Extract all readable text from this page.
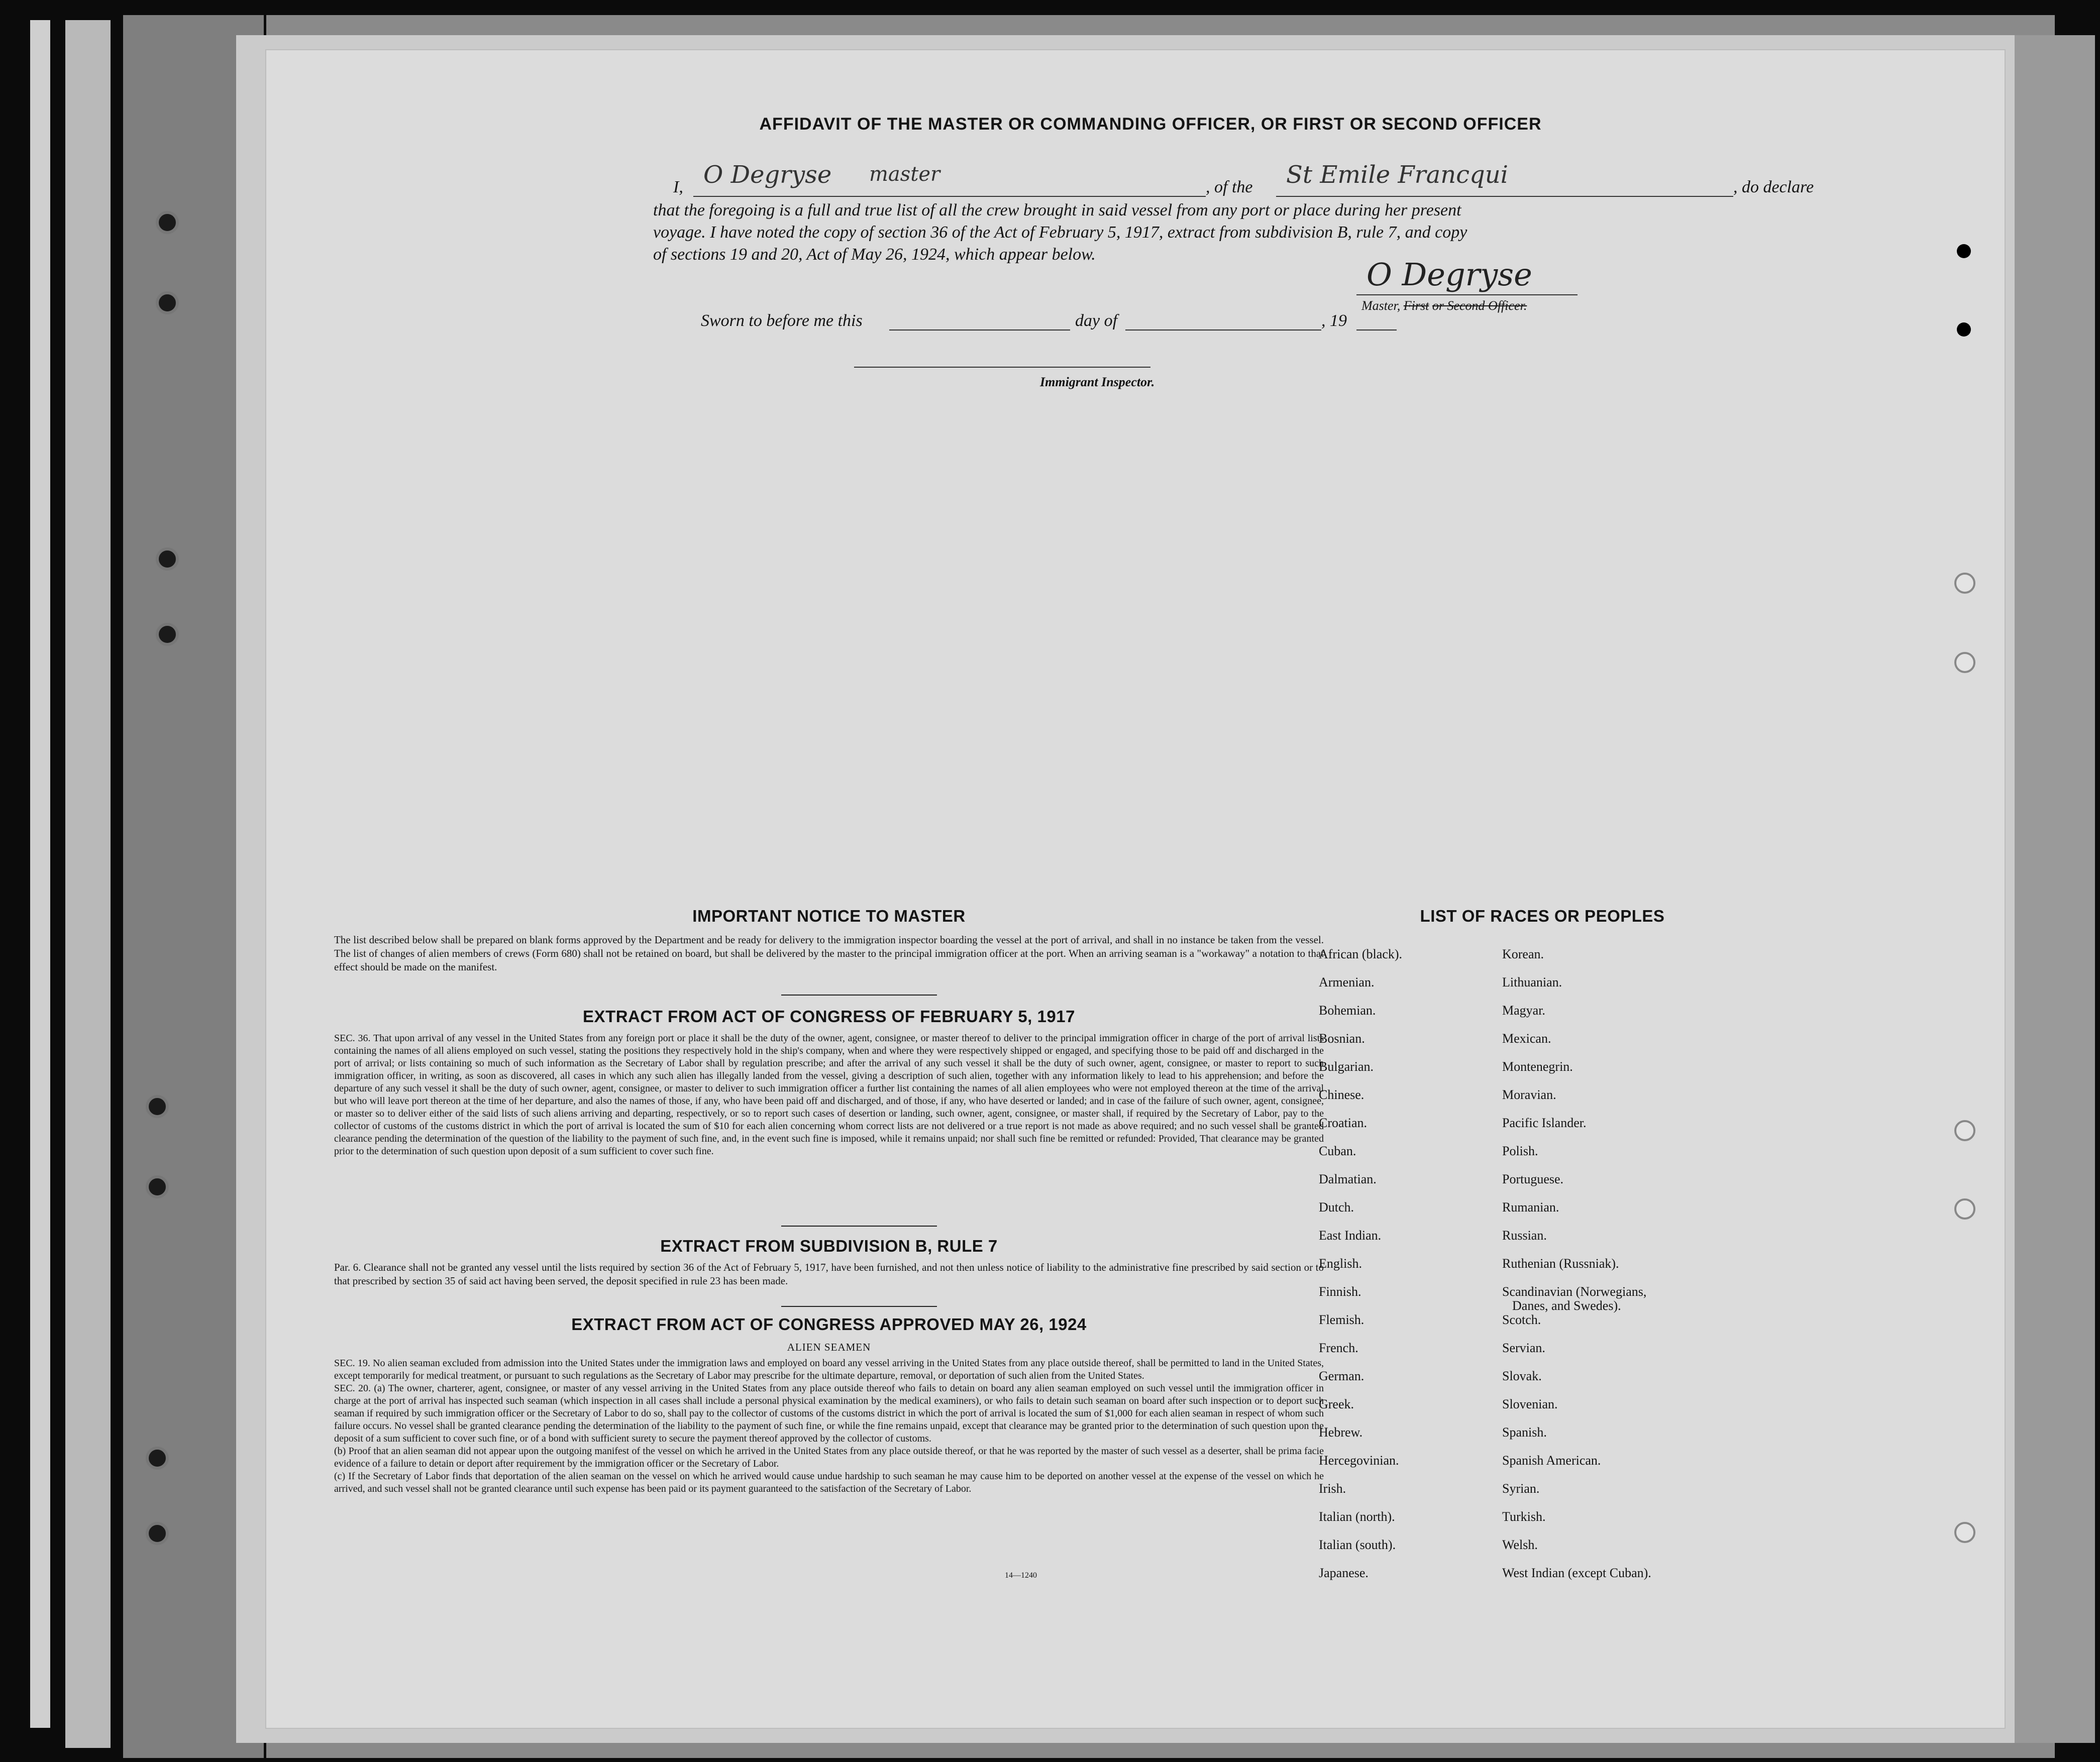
AFFIDAVIT OF THE MASTER OR COMMANDING OFFICER, OR FIRST OR SECOND OFFICER
I, O Degryse master
, of the St Emile Francqui	, do declare
that the foregoing is a full and true list of all the crew brought in said vessel from any port or place during her present
voyage. I have noted the copy of section 36 of the Act of February 5, 1917, extract from subdivision B, rule 7, and copy
of sections 19 and 20, Act of May 26, 1924, which appear below.
O Degryse
Master, First or Second Officer.
Sworn to before me this	day of	, 19
Immigrant Inspector.
IMPORTANT NOTICE TO MASTER
The list described below shall be prepared on blank forms approved by the Department and be ready for delivery to the immigration inspector boarding the vessel at the port of arrival, and shall in no instance be taken from the vessel. The list of changes of alien members of crews (Form 680) shall not be retained on board, but shall be delivered by the master to the principal immigration officer at the port. When an arriving seaman is a "workaway" a notation to that effect should be made on the manifest.
EXTRACT FROM ACT OF CONGRESS OF FEBRUARY 5, 1917
SEC. 36. That upon arrival of any vessel in the United States from any foreign port or place it shall be the duty of the owner, agent, consignee, or master thereof to deliver to the principal immigration officer in charge of the port of arrival lists containing the names of all aliens employed on such vessel, stating the positions they respectively hold in the ship's company, when and where they were respectively shipped or engaged, and specifying those to be paid off and discharged in the port of arrival; or lists containing so much of such information as the Secretary of Labor shall by regulation prescribe; and after the arrival of any such vessel it shall be the duty of such owner, agent, consignee, or master to report to such immigration officer, in writing, as soon as discovered, all cases in which any such alien has illegally landed from the vessel, giving a description of such alien, together with any information likely to lead to his apprehension; and before the departure of any such vessel it shall be the duty of such owner, agent, consignee, or master to deliver to such immigration officer a further list containing the names of all alien employees who were not employed thereon at the time of the arrival but who will leave port thereon at the time of her departure, and also the names of those, if any, who have been paid off and discharged, and of those, if any, who have deserted or landed; and in case of the failure of such owner, agent, consignee, or master so to deliver either of the said lists of such aliens arriving and departing, respectively, or so to report such cases of desertion or landing, such owner, agent, consignee, or master shall, if required by the Secretary of Labor, pay to the collector of customs of the customs district in which the port of arrival is located the sum of $10 for each alien concerning whom correct lists are not delivered or a true report is not made as above required; and no such vessel shall be granted clearance pending the determination of the question of the liability to the payment of such fine, and, in the event such fine is imposed, while it remains unpaid; nor shall such fine be remitted or refunded: Provided, That clearance may be granted prior to the determination of such question upon deposit of a sum sufficient to cover such fine.
EXTRACT FROM SUBDIVISION B, RULE 7
Par. 6. Clearance shall not be granted any vessel until the lists required by section 36 of the Act of February 5, 1917, have been furnished, and not then unless notice of liability to the administrative fine prescribed by said section or to that prescribed by section 35 of said act having been served, the deposit specified in rule 23 has been made.
EXTRACT FROM ACT OF CONGRESS APPROVED MAY 26, 1924
ALIEN SEAMEN
SEC. 19. No alien seaman excluded from admission into the United States under the immigration laws and employed on board any vessel arriving in the United States from any place outside thereof, shall be permitted to land in the United States, except temporarily for medical treatment, or pursuant to such regulations as the Secretary of Labor may prescribe for the ultimate departure, removal, or deportation of such alien from the United States.
SEC. 20. (a) The owner, charterer, agent, consignee, or master of any vessel arriving in the United States from any place outside thereof who fails to detain on board any alien seaman employed on such vessel until the immigration officer in charge at the port of arrival has inspected such seaman (which inspection in all cases shall include a personal physical examination by the medical examiners), or who fails to detain such seaman on board after such inspection or to deport such seaman if required by such immigration officer or the Secretary of Labor to do so, shall pay to the collector of customs of the customs district in which the port of arrival is located the sum of $1,000 for each alien seaman in respect of whom such failure occurs. No vessel shall be granted clearance pending the determination of the liability to the payment of such fine, or while the fine remains unpaid, except that clearance may be granted prior to the determination of such question upon the deposit of a sum sufficient to cover such fine, or of a bond with sufficient surety to secure the payment thereof approved by the collector of customs.
(b) Proof that an alien seaman did not appear upon the outgoing manifest of the vessel on which he arrived in the United States from any place outside thereof, or that he was reported by the master of such vessel as a deserter, shall be prima facie evidence of a failure to detain or deport after requirement by the immigration officer or the Secretary of Labor.
(c) If the Secretary of Labor finds that deportation of the alien seaman on the vessel on which he arrived would cause undue hardship to such seaman he may cause him to be deported on another vessel at the expense of the vessel on which he arrived, and such vessel shall not be granted clearance until such expense has been paid or its payment guaranteed to the satisfaction of the Secretary of Labor.
14—1240
LIST OF RACES OR PEOPLES
African (black).
Armenian.
Bohemian.
Bosnian.
Bulgarian.
Chinese.
Croatian.
Cuban.
Dalmatian.
Dutch.
East Indian.
English.
Finnish.
Flemish.
French.
German.
Greek.
Hebrew.
Hercegovinian.
Irish.
Italian (north).
Italian (south).
Japanese.
Korean.
Lithuanian.
Magyar.
Mexican.
Montenegrin.
Moravian.
Pacific Islander.
Polish.
Portuguese.
Rumanian.
Russian.
Ruthenian (Russniak).
Scandinavian (Norwegians,
Danes, and Swedes).
Scotch.
Servian.
Slovak.
Slovenian.
Spanish.
Spanish American.
Syrian.
Turkish.
Welsh.
West Indian (except Cuban).
